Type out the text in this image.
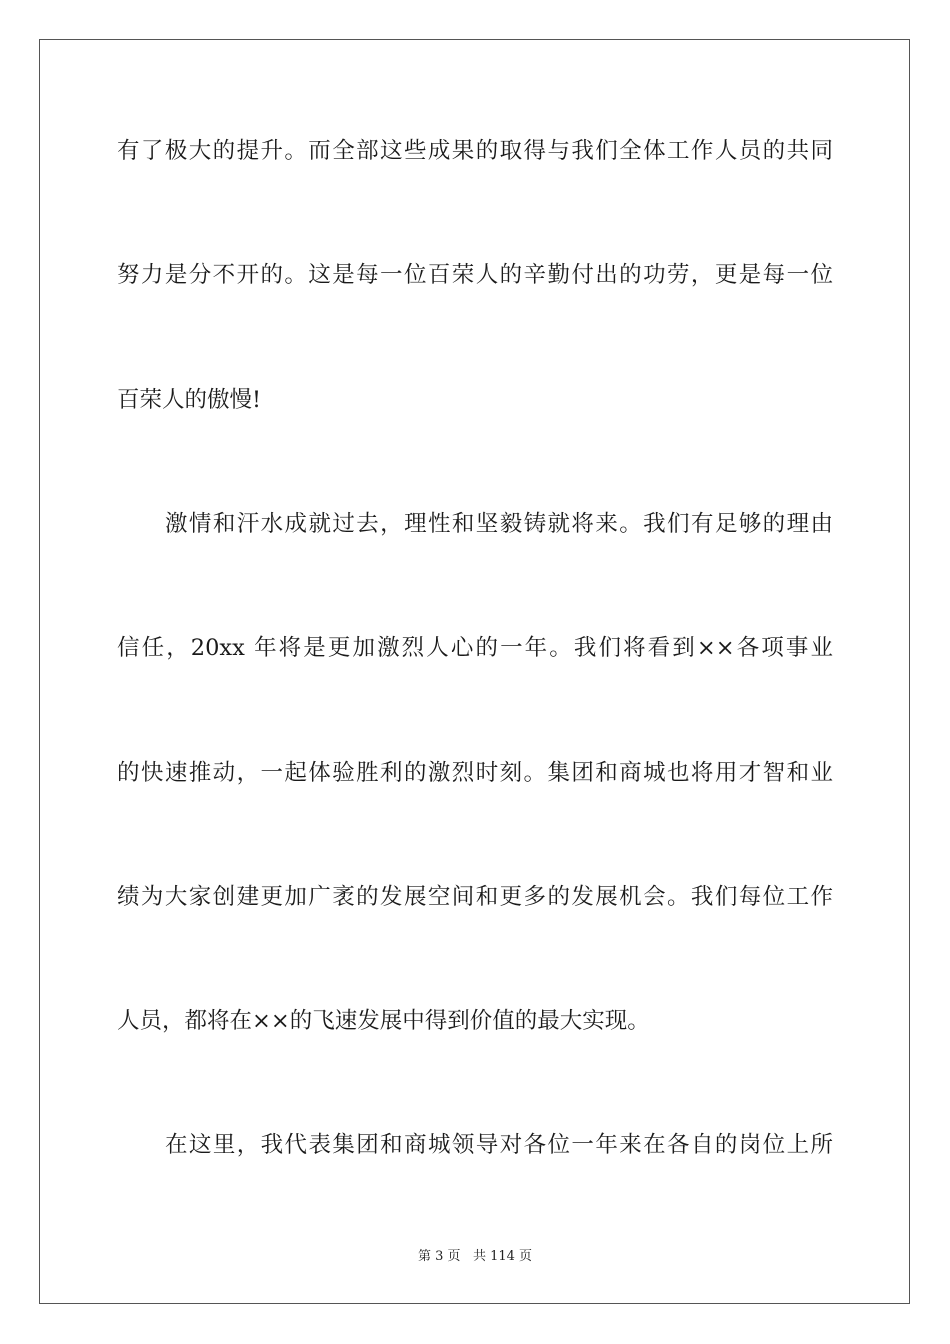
有了极大的提升。而全部这些成果的取得与我们全体工作人员的共同
努力是分不开的。这是每一位百荣人的辛勤付出的功劳，更是每一位
百荣人的傲慢!
激情和汗水成就过去，理性和坚毅铸就将来。我们有足够的理由
信任，20xx 年将是更加激烈人心的一年。我们将看到××各项事业
的快速推动，一起体验胜利的激烈时刻。集团和商城也将用才智和业
绩为大家创建更加广袤的发展空间和更多的发展机会。我们每位工作
人员，都将在××的飞速发展中得到价值的最大实现。
在这里，我代表集团和商城领导对各位一年来在各自的岗位上所
第 3 页 共 114 页
